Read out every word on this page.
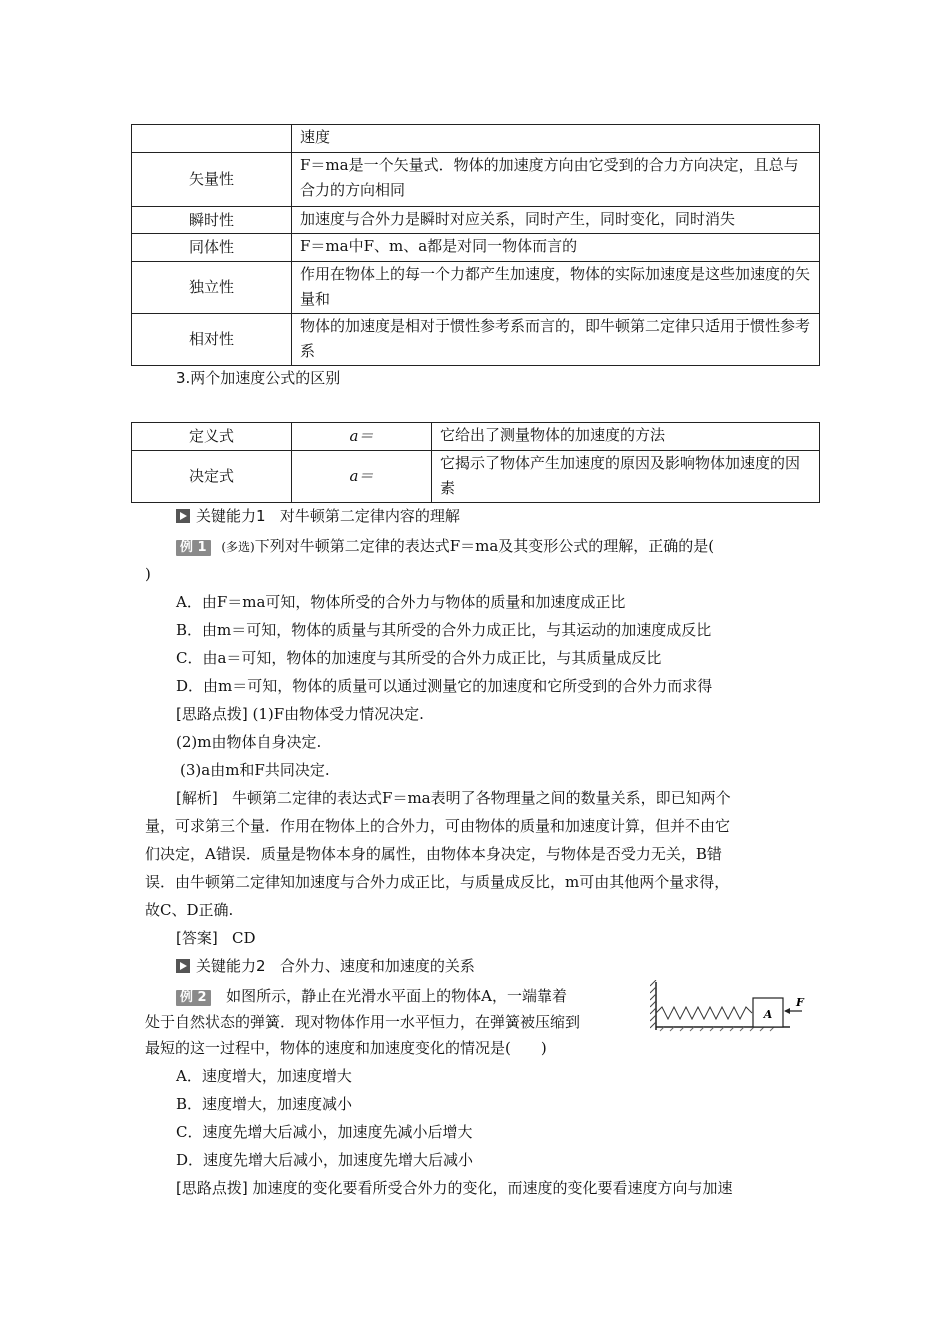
	速度
矢量性	F＝ma是一个矢量式．物体的加速度方向由它受到的合力方向决定，且总与合力的方向相同
瞬时性	加速度与合外力是瞬时对应关系，同时产生，同时变化，同时消失
同体性	F＝ma中F、m、a都是对同一物体而言的
独立性	作用在物体上的每一个力都产生加速度，物体的实际加速度是这些加速度的矢量和
相对性	物体的加速度是相对于惯性参考系而言的，即牛顿第二定律只适用于惯性参考系
3.两个加速度公式的区别
定义式	a＝	它给出了测量物体的加速度的方法
决定式	a＝	它揭示了物体产生加速度的原因及影响物体加速度的因素
关键能力1 对牛顿第二定律内容的理解
例 1 (多选)下列对牛顿第二定律的表达式F＝ma及其变形公式的理解，正确的是(
)
A．由F＝ma可知，物体所受的合外力与物体的质量和加速度成正比
B．由m＝可知，物体的质量与其所受的合外力成正比，与其运动的加速度成反比
C．由a＝可知，物体的加速度与其所受的合外力成正比，与其质量成反比
D．由m＝可知，物体的质量可以通过测量它的加速度和它所受到的合外力而求得
[思路点拨] (1)F由物体受力情况决定.
(2)m由物体自身决定.
(3)a由m和F共同决定.
[解析] 牛顿第二定律的表达式F＝ma表明了各物理量之间的数量关系，即已知两个
量，可求第三个量．作用在物体上的合外力，可由物体的质量和加速度计算，但并不由它
们决定，A错误．质量是物体本身的属性，由物体本身决定，与物体是否受力无关，B错
误．由牛顿第二定律知加速度与合外力成正比，与质量成反比，m可由其他两个量求得，
故C、D正确.
[答案] CD
关键能力2 合外力、速度和加速度的关系
例 2 如图所示，静止在光滑水平面上的物体A，一端靠着
处于自然状态的弹簧．现对物体作用一水平恒力，在弹簧被压缩到
最短的这一过程中，物体的速度和加速度变化的情况是(　　)
A
F
A．速度增大，加速度增大
B．速度增大，加速度减小
C．速度先增大后减小，加速度先减小后增大
D．速度先增大后减小，加速度先增大后减小
[思路点拨] 加速度的变化要看所受合外力的变化，而速度的变化要看速度方向与加速
